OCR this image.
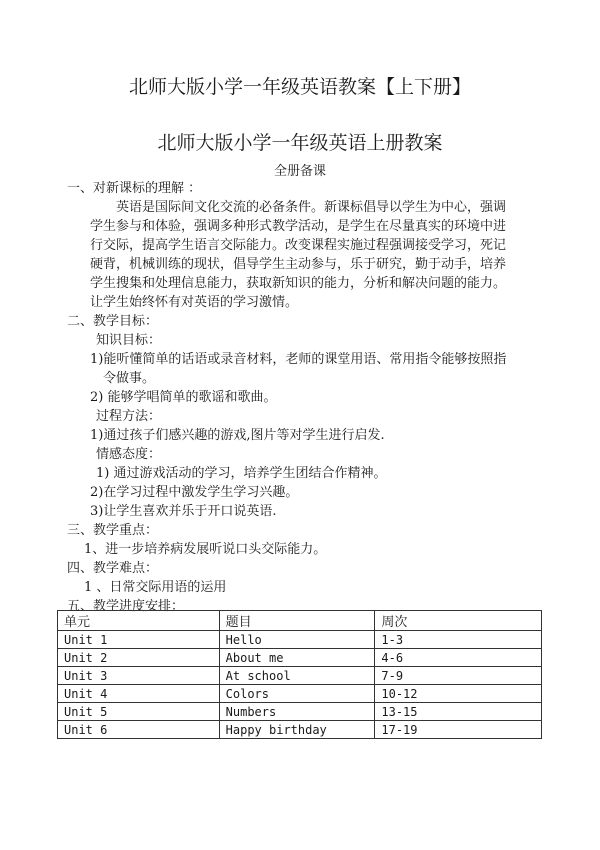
北师大版小学一年级英语教案【上下册】
北师大版小学一年级英语上册教案
全册备课
一、对新课标的理解 ：
英语是国际间文化交流的必备条件。新课标倡导以学生为中心，强调
学生参与和体验，强调多种形式教学活动，是学生在尽量真实的环境中进
行交际，提高学生语言交际能力。改变课程实施过程强调接受学习，死记
硬背，机械训练的现状，倡导学生主动参与，乐于研究，勤于动手，培养
学生搜集和处理信息能力，获取新知识的能力，分析和解决问题的能力。
让学生始终怀有对英语的学习激情。
二、教学目标：
知识目标：
1)能听懂简单的话语或录音材料，老师的课堂用语、常用指令能够按照指
令做事。
2) 能够学唱简单的歌谣和歌曲。
过程方法：
1)通过孩子们感兴趣的游戏,图片等对学生进行启发.
情感态度：
1) 通过游戏活动的学习，培养学生团结合作精神。
2)在学习过程中激发学生学习兴趣。
3)让学生喜欢并乐于开口说英语.
三、教学重点：
1、进一步培养病发展听说口头交际能力。
四、教学难点：
1 、日常交际用语的运用
五、教学进度安排：
单元	题目	周次
Unit 1	Hello	1-3
Unit 2	About me	4-6
Unit 3	At school	7-9
Unit 4	Colors	10-12
Unit 5	Numbers	13-15
Unit 6	Happy birthday	17-19
